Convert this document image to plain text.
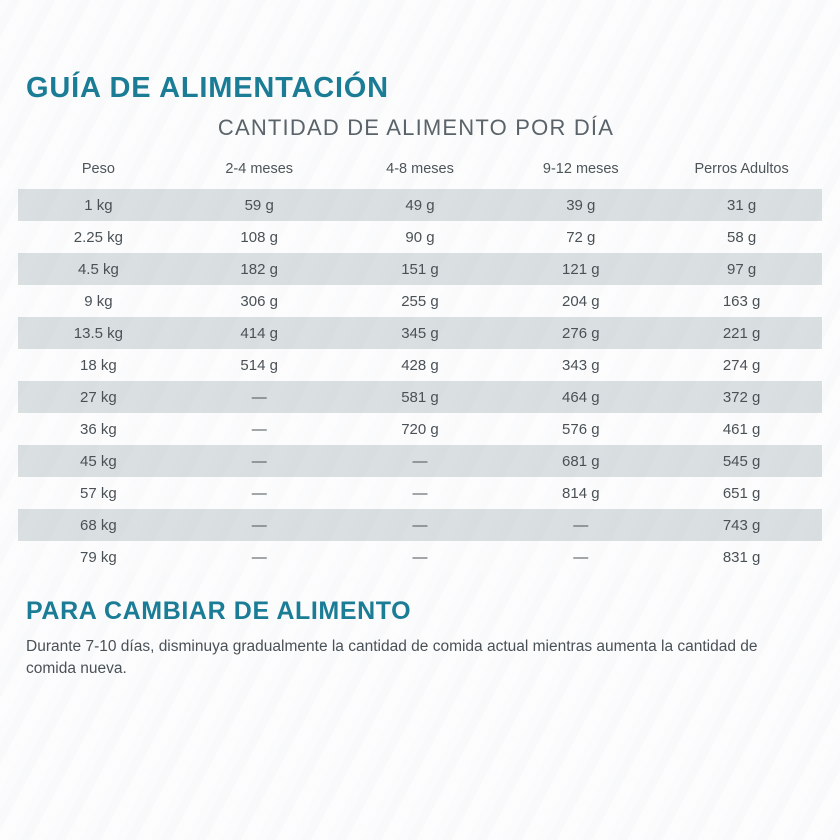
GUÍA DE ALIMENTACIÓN
CANTIDAD DE ALIMENTO POR DÍA
Peso	2-4 meses	4-8 meses	9-12 meses	Perros Adultos
1 kg	59 g	49 g	39 g	31 g
2.25 kg	108 g	90 g	72 g	58 g
4.5 kg	182 g	151 g	121 g	97 g
9 kg	306 g	255 g	204 g	163 g
13.5 kg	414 g	345 g	276 g	221 g
18 kg	514 g	428 g	343 g	274 g
27 kg	—	581 g	464 g	372 g
36 kg	—	720 g	576 g	461 g
45 kg	—	—	681 g	545 g
57 kg	—	—	814 g	651 g
68 kg	—	—	—	743 g
79 kg	—	—	—	831 g
PARA CAMBIAR DE ALIMENTO

Durante 7-10 días, disminuya gradualmente la cantidad de comida actual mientras aumenta la cantidad de comida nueva.
